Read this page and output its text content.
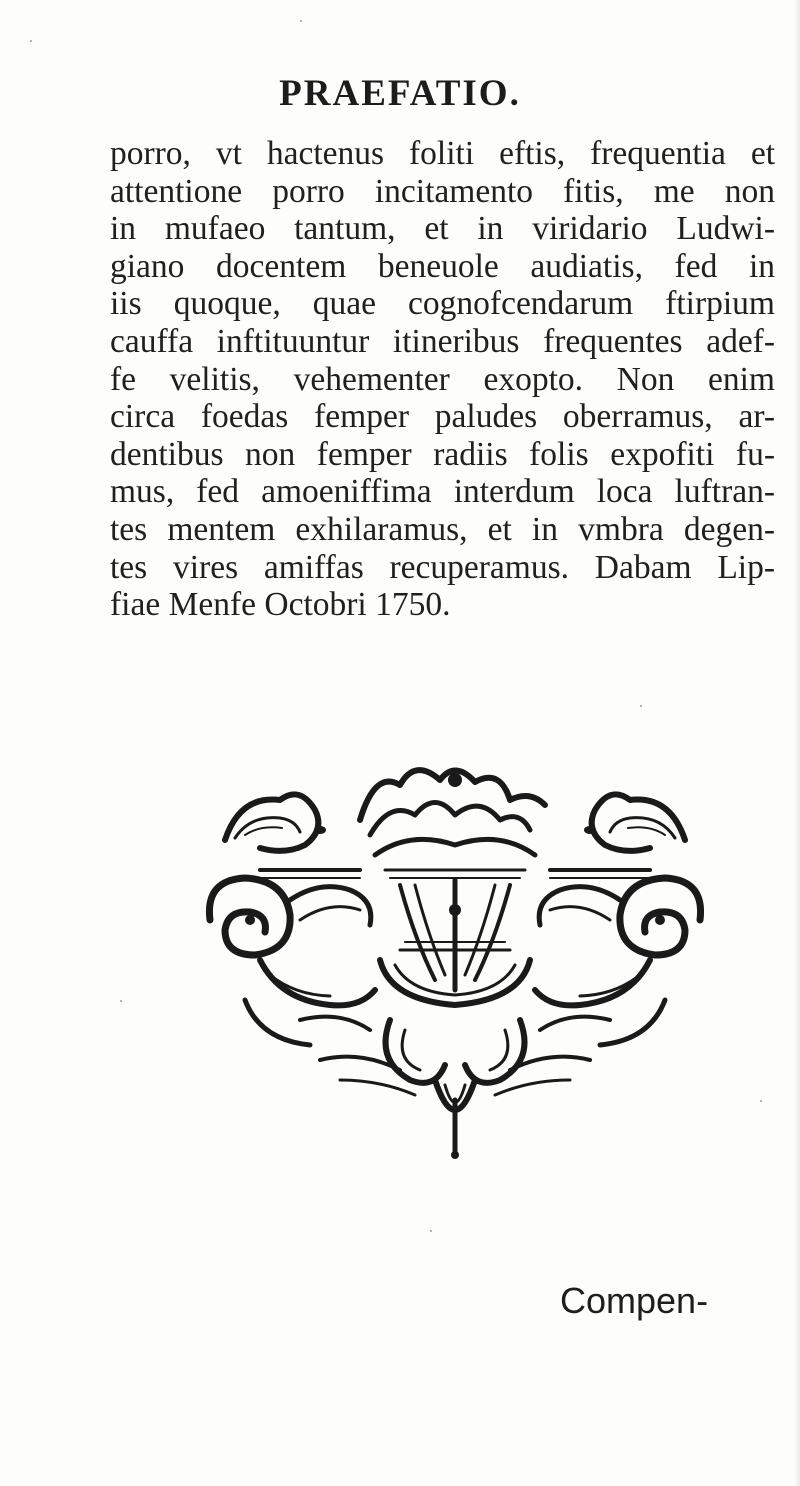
PRAEFATIO.
porro, vt hactenus foliti eftis, frequentia et
attentione porro incitamento fitis, me non
in mufaeo tantum, et in viridario Ludwi-
giano docentem beneuole audiatis, fed in
iis quoque, quae cognofcendarum ftirpium
cauffa inftituuntur itineribus frequentes adef-
fe velitis, vehementer exopto. Non enim
circa foedas femper paludes oberramus, ar-
dentibus non femper radiis folis expofiti fu-
mus, fed amoeniffima interdum loca luftran-
tes mentem exhilaramus, et in vmbra degen-
tes vires amiffas recuperamus. Dabam Lip-
fiae Menfe Octobri 1750.
Compen-
